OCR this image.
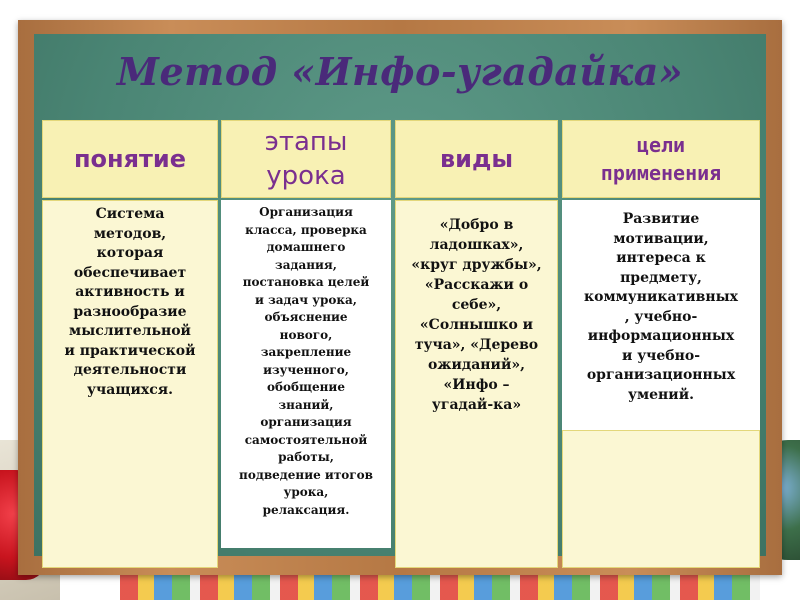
Метод «Инфо-угадайка»
понятие
этапы
урока
виды	цели
применения
Система
методов,
которая
обеспечивает
активность и
разнообразие
мыслительной
и практической
деятельности
учащихся.
Организация
класса, проверка
домашнего
задания,
постановка целей
и задач урока,
объяснение
нового,
закрепление
изученного,
обобщение
знаний,
организация
самостоятельной
работы,
подведение итогов
урока,
релаксация.
«Добро в
ладошках»,
«круг дружбы»,
«Расскажи о
себе»,
«Солнышко и
туча», «Дерево
ожиданий»,
«Инфо –
угадай-ка»
Развитие
мотивации,
интереса к
предмету,
коммуникативных
, учебно-
информационных
и учебно-
организационных
умений.
